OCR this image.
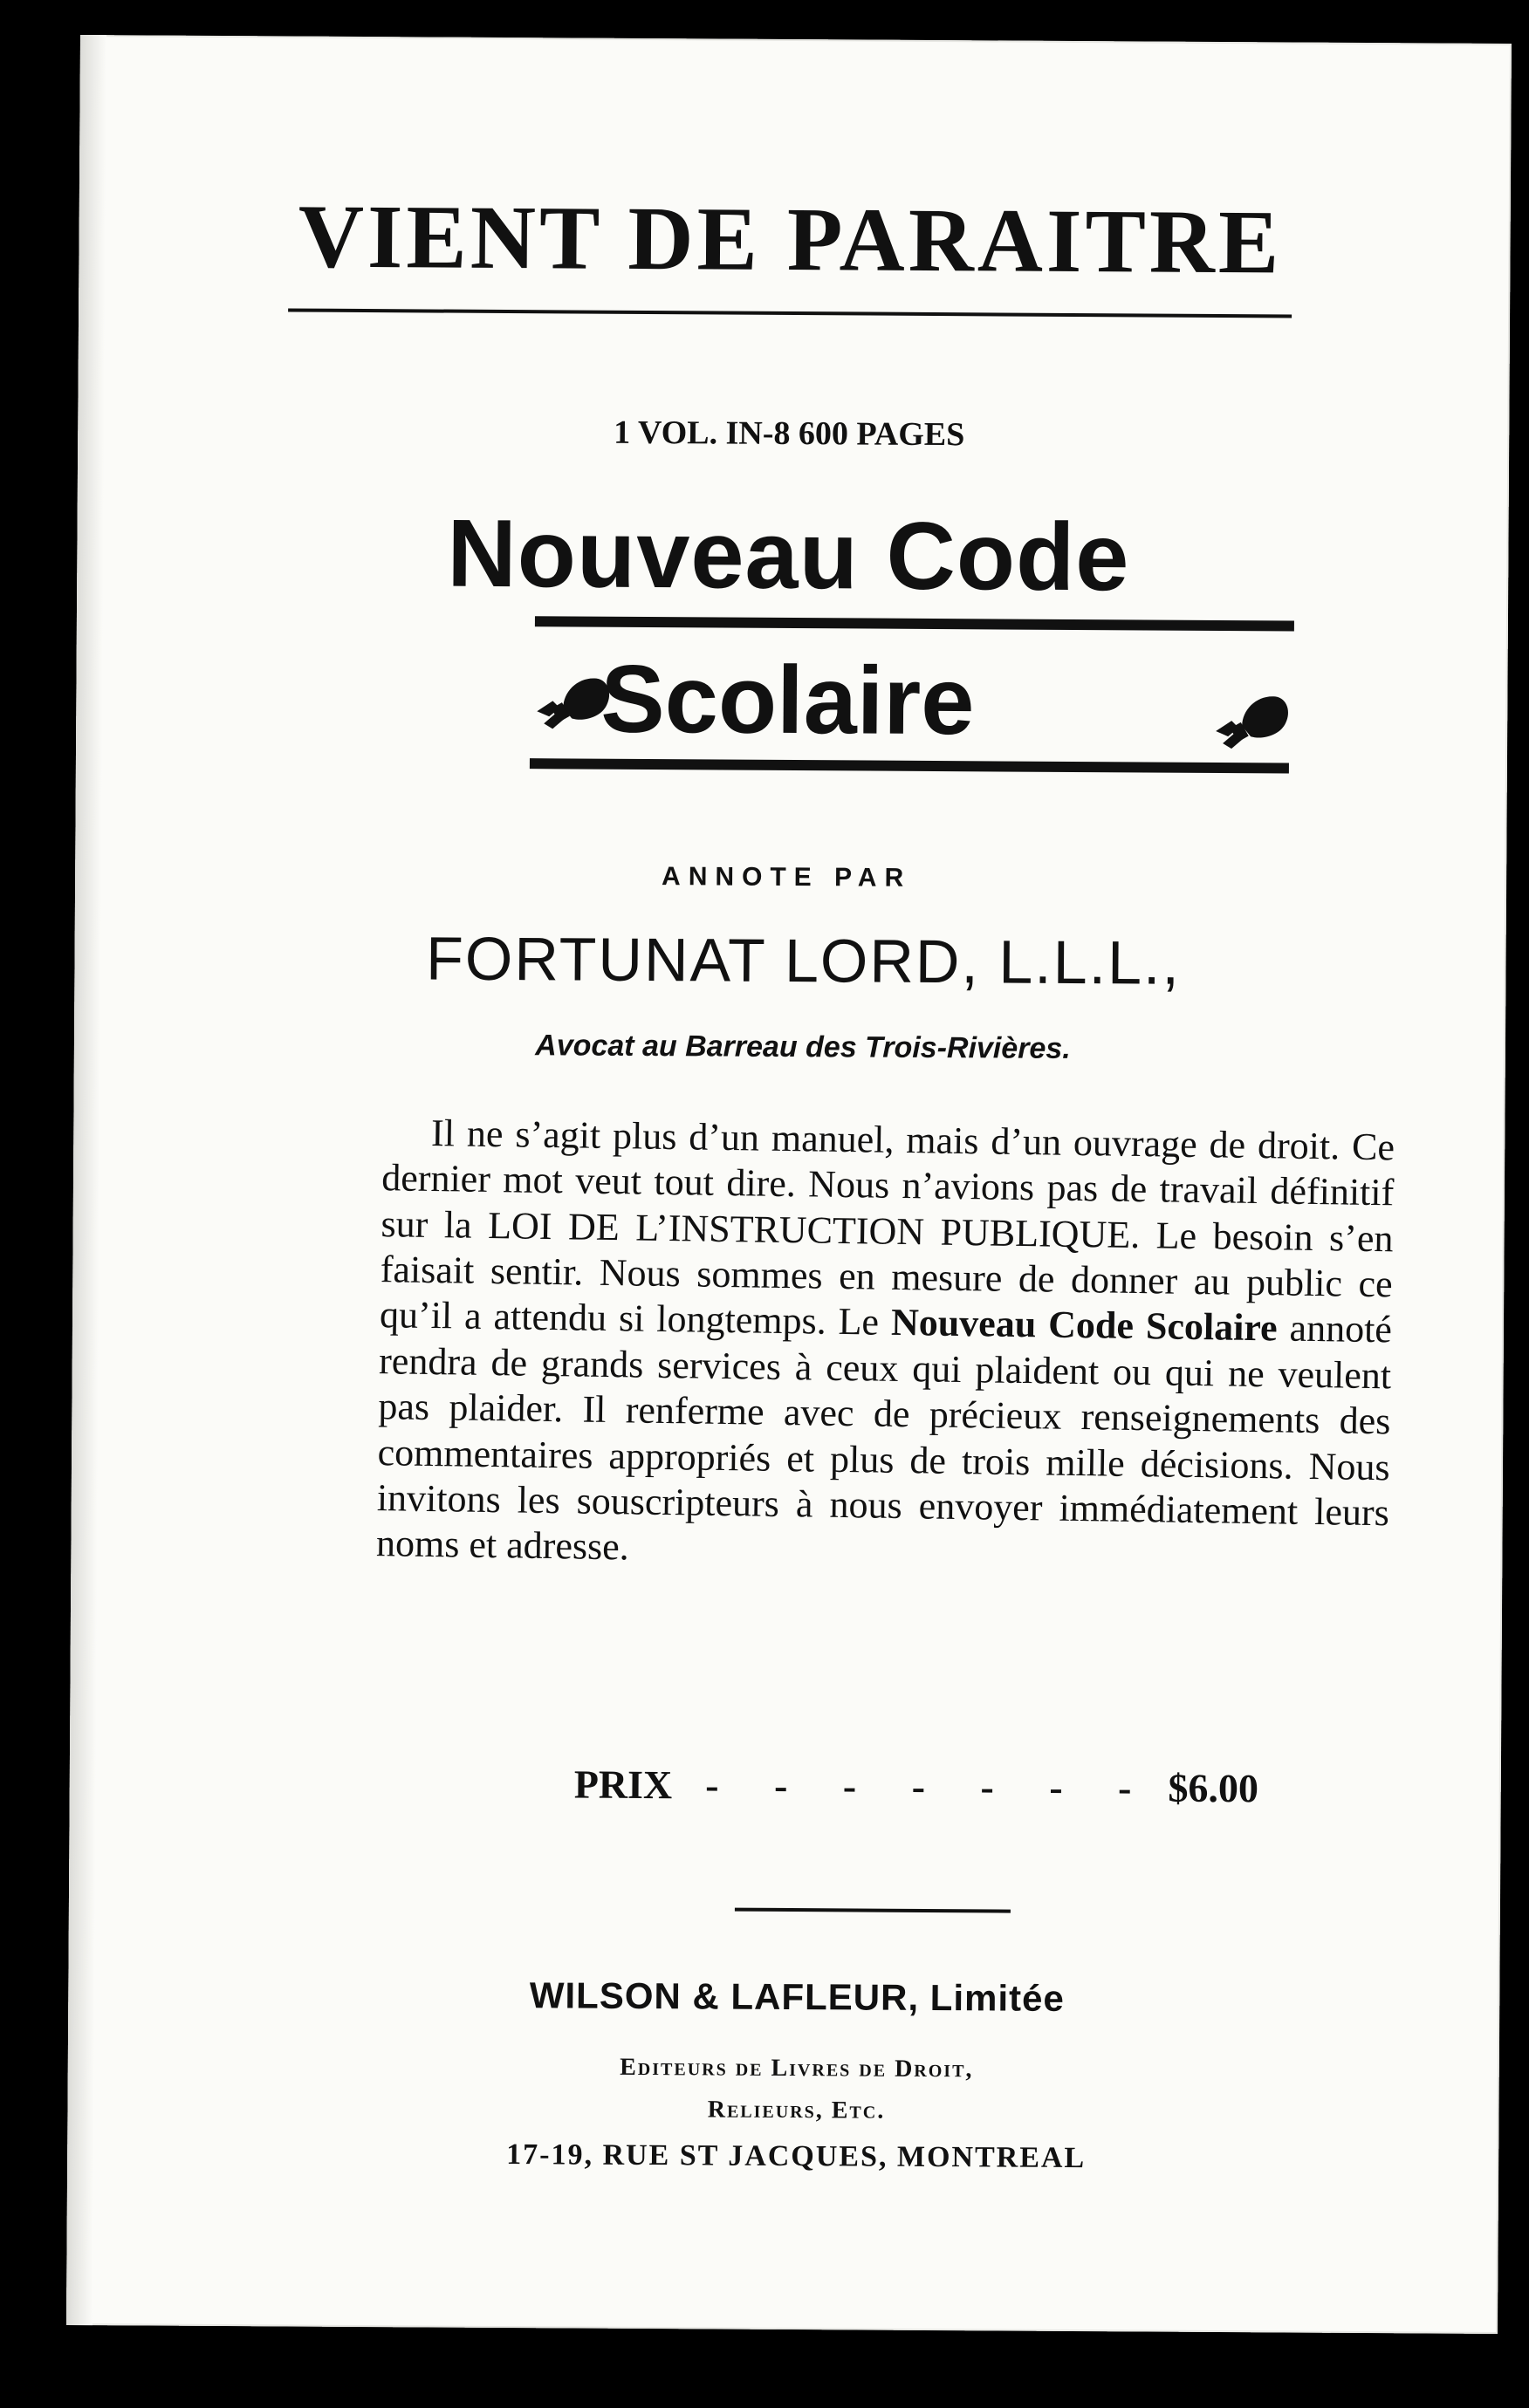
VIENT DE PARAITRE
1 VOL. IN-8 600 PAGES
Nouveau Code
Scolaire
ANNOTE PAR
FORTUNAT LORD, L.L.L.,
Avocat au Barreau des Trois-Rivières.

Il ne s’agit plus d’un manuel, mais d’un ouvrage de droit. Ce dernier mot veut tout dire. Nous n’avions pas de travail définitif sur la LOI DE L’INSTRUCTION PUBLIQUE. Le besoin s’en faisait sentir. Nous sommes en mesure de donner au public ce qu’il a attendu si longtemps. Le Nouveau Code Scolaire annoté rendra de grands services à ceux qui plaident ou qui ne veulent pas plaider. Il renferme avec de précieux renseignements des commentaires appropriés et plus de trois mille décisions. Nous invitons les souscripteurs à nous envoyer immédiatement leurs noms et adresse.

PRIX - - - - - - - $6.00
WILSON & LAFLEUR, Limitée
Editeurs de Livres de Droit,
Relieurs, Etc.
17-19, RUE ST JACQUES, MONTREAL
